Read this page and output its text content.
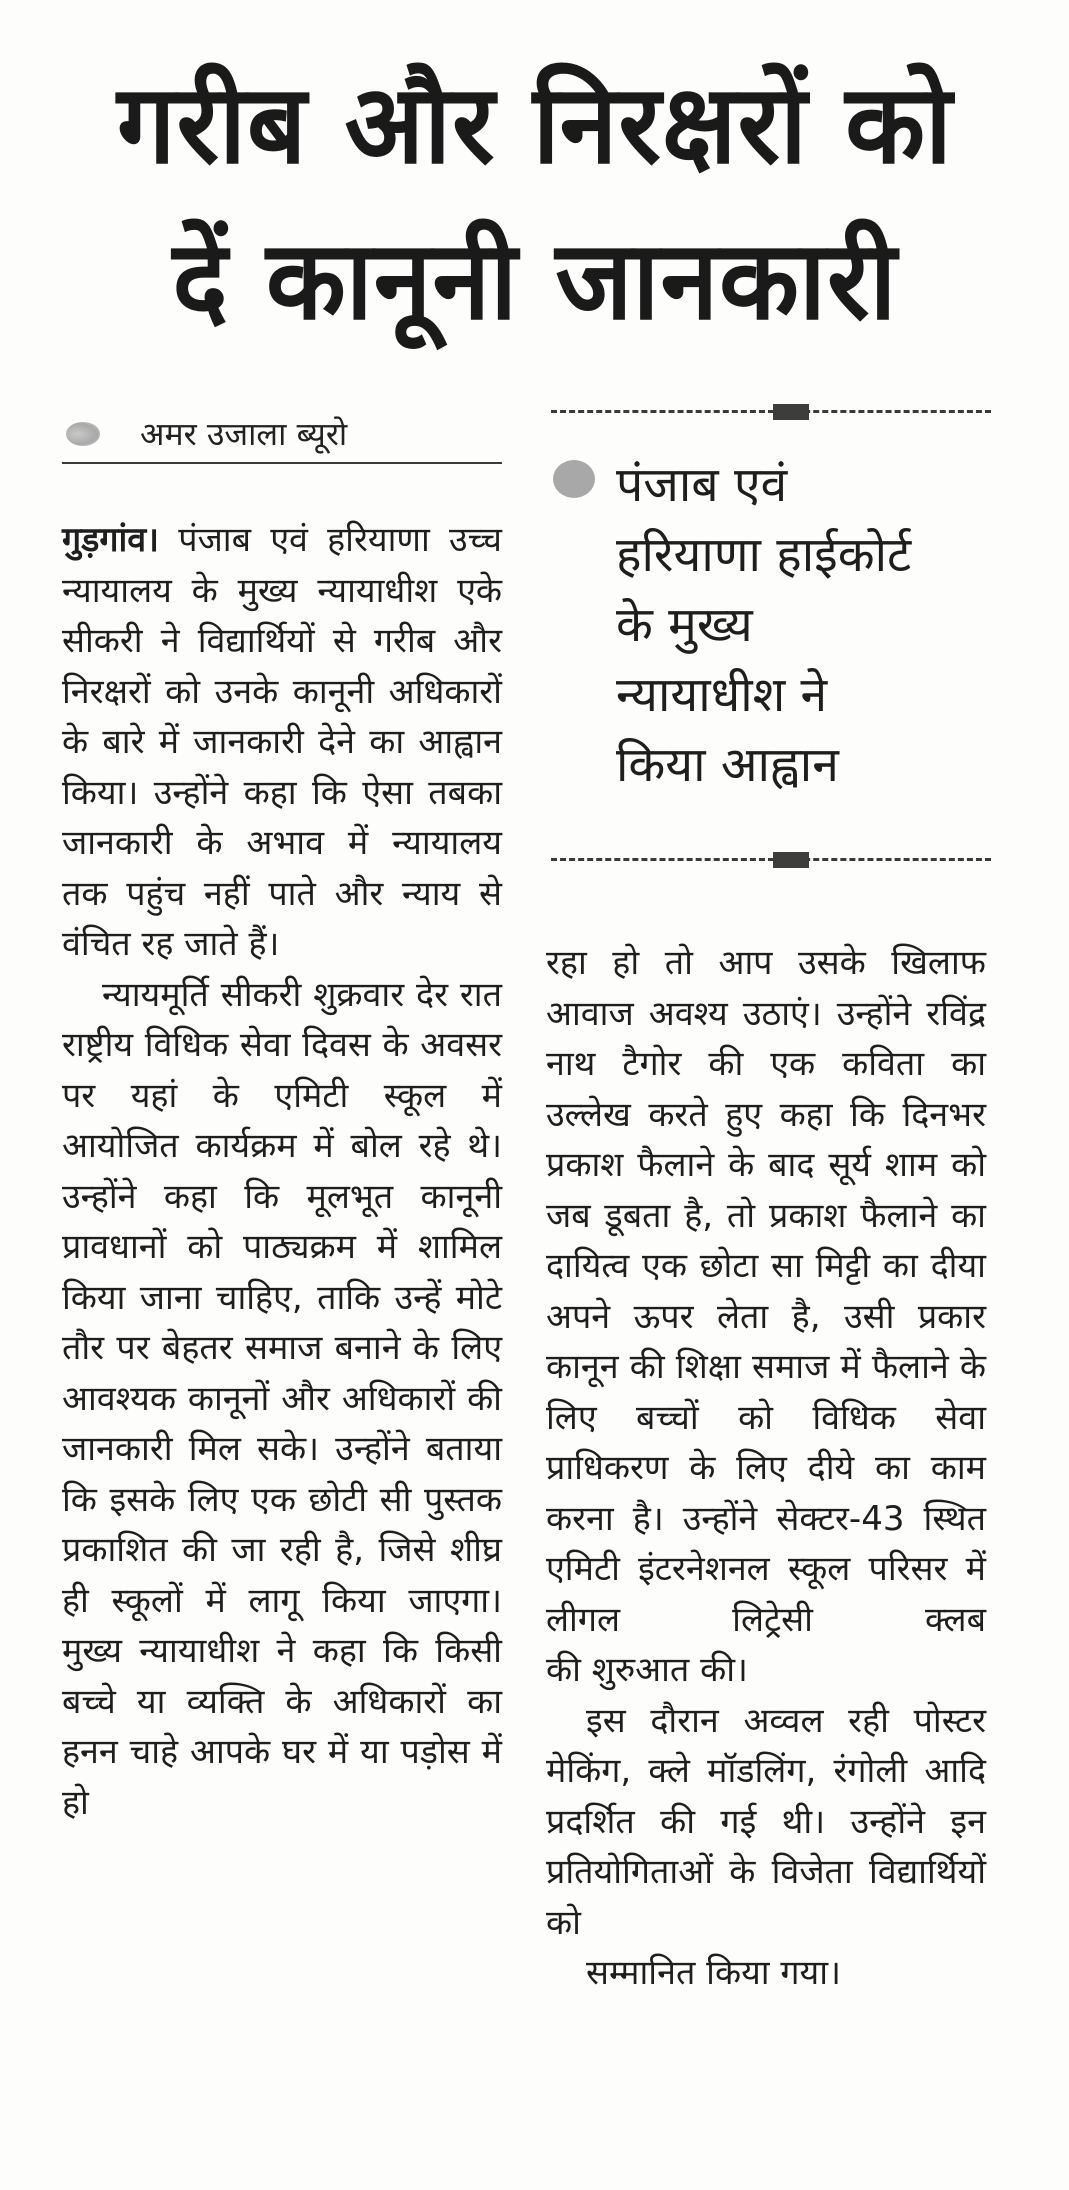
गरीब और निरक्षरों को
दें कानूनी जानकारी
अमर उजाला ब्यूरो

गुड़गांव। पंजाब एवं हरियाणा उच्च न्यायालय के मुख्य न्यायाधीश एके सीकरी ने विद्यार्थियों से गरीब और निरक्षरों को उनके कानूनी अधिकारों के बारे में जानकारी देने का आह्वान किया। उन्होंने कहा कि ऐसा तबका जानकारी के अभाव में न्यायालय तक पहुंच नहीं पाते और न्याय से
वंचित रह जाते हैं।

न्यायमूर्ति सीकरी शुक्रवार देर रात राष्ट्रीय विधिक सेवा दिवस के अवसर पर यहां के एमिटी स्कूल में आयोजित कार्यक्रम में बोल रहे थे। उन्होंने कहा कि मूलभूत कानूनी प्रावधानों को पाठ्यक्रम में शामिल किया जाना चाहिए, ताकि उन्हें मोटे तौर पर बेहतर समाज बनाने के लिए आवश्यक कानूनों और अधिकारों की जानकारी मिल सके। उन्होंने बताया कि इसके लिए एक छोटी सी पुस्तक प्रकाशित की जा रही है, जिसे शीघ्र ही स्कूलों में लागू किया जाएगा। मुख्य न्यायाधीश ने कहा कि किसी बच्चे या व्यक्ति के अधिकारों का हनन चाहे आपके घर में या पड़ोस में हो

पंजाब एवं
हरियाणा हाईकोर्ट
के मुख्य
न्यायाधीश ने
किया आह्वान

रहा हो तो आप उसके खिलाफ आवाज अवश्य उठाएं। उन्होंने रविंद्र नाथ टैगोर की एक कविता का उल्लेख करते हुए कहा कि दिनभर प्रकाश फैलाने के बाद सूर्य शाम को जब डूबता है, तो प्रकाश फैलाने का दायित्व एक छोटा सा मिट्टी का दीया अपने ऊपर लेता है, उसी प्रकार कानून की शिक्षा समाज में फैलाने के लिए बच्चों को विधिक सेवा प्राधिकरण के लिए दीये का काम करना है। उन्होंने सेक्टर-43 स्थित एमिटी इंटरनेशनल स्कूल परिसर में लीगल लिट्रेसी क्लब
की शुरुआत की।

इस दौरान अव्वल रही पोस्टर मेकिंग, क्ले मॉडलिंग, रंगोली आदि प्रदर्शित की गई थी। उन्होंने इन प्रतियोगिताओं के विजेता विद्यार्थियों को
सम्मानित किया गया।
